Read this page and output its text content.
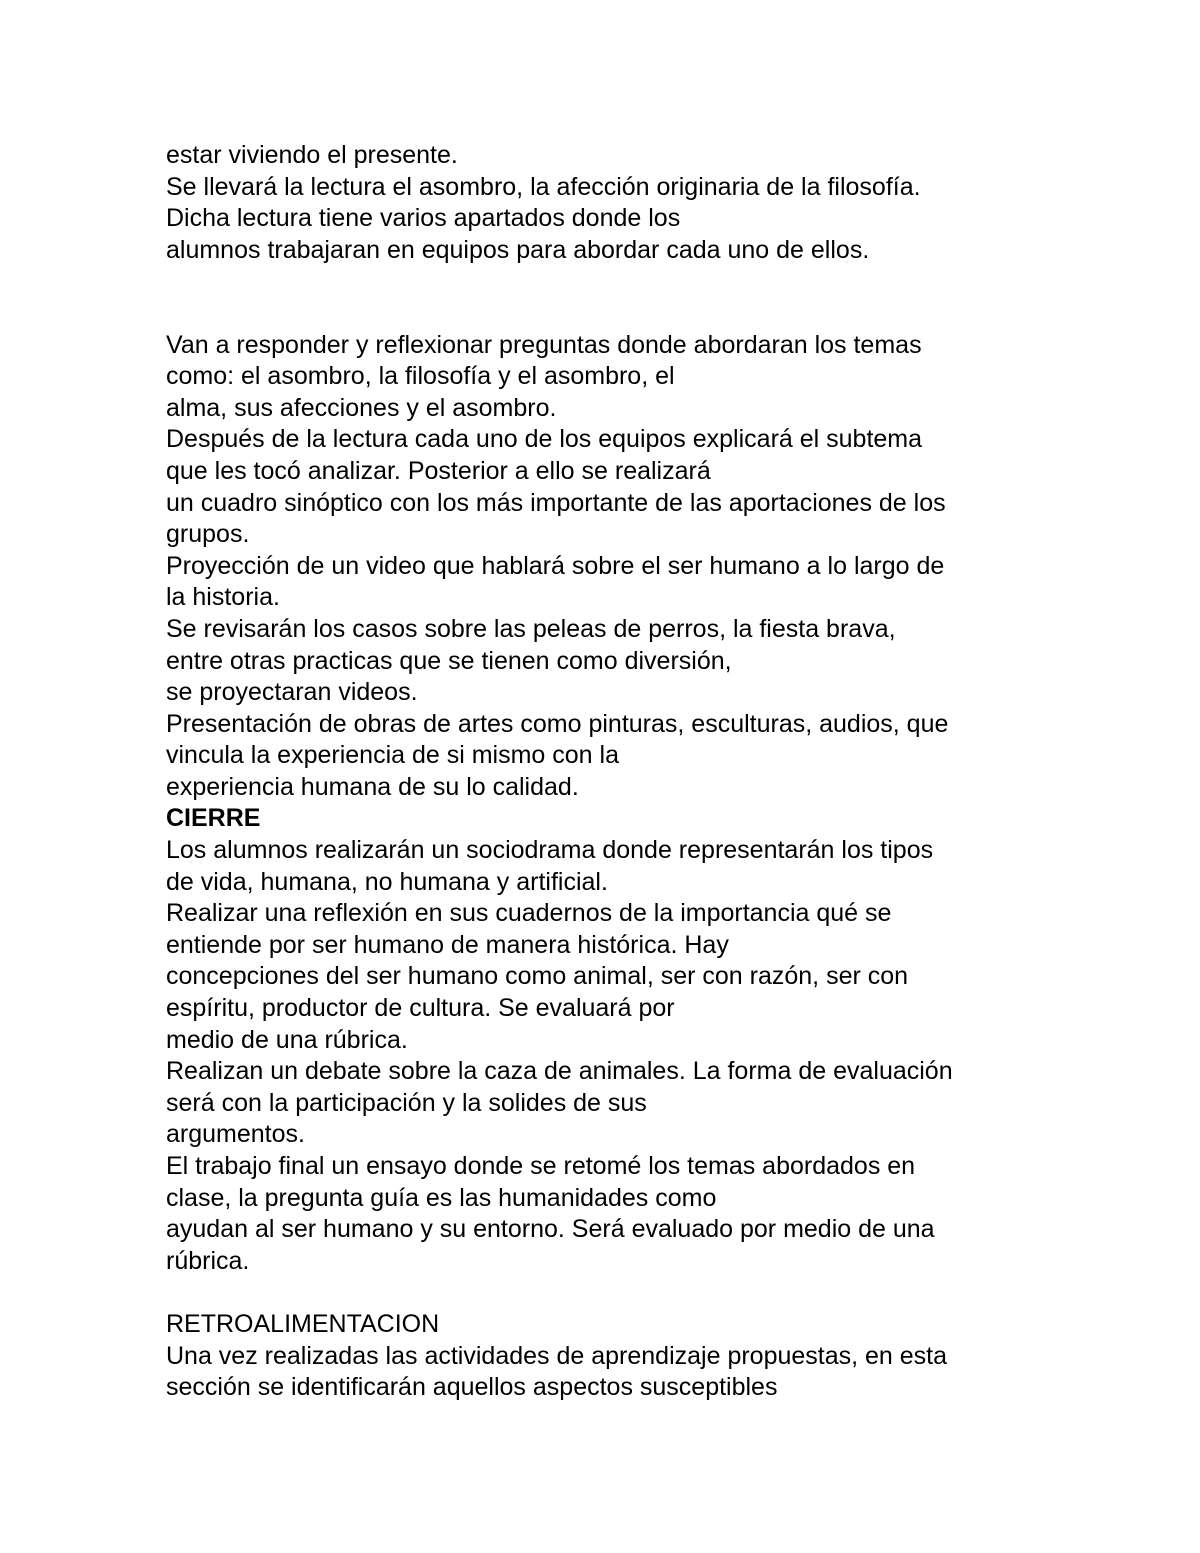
estar viviendo el presente.
Se llevará la lectura el asombro, la afección originaria de la filosofía.
Dicha lectura tiene varios apartados donde los
alumnos trabajaran en equipos para abordar cada uno de ellos.
Van a responder y reflexionar preguntas donde abordaran los temas
como: el asombro, la filosofía y el asombro, el
alma, sus afecciones y el asombro.
Después de la lectura cada uno de los equipos explicará el subtema
que les tocó analizar. Posterior a ello se realizará
un cuadro sinóptico con los más importante de las aportaciones de los
grupos.
Proyección de un video que hablará sobre el ser humano a lo largo de
la historia.
Se revisarán los casos sobre las peleas de perros, la fiesta brava,
entre otras practicas que se tienen como diversión,
se proyectaran videos.
Presentación de obras de artes como pinturas, esculturas, audios, que
vincula la experiencia de si mismo con la
experiencia humana de su lo calidad.
CIERRE
Los alumnos realizarán un sociodrama donde representarán los tipos
de vida, humana, no humana y artificial.
Realizar una reflexión en sus cuadernos de la importancia qué se
entiende por ser humano de manera histórica. Hay
concepciones del ser humano como animal, ser con razón, ser con
espíritu, productor de cultura. Se evaluará por
medio de una rúbrica.
Realizan un debate sobre la caza de animales. La forma de evaluación
será con la participación y la solides de sus
argumentos.
El trabajo final un ensayo donde se retomé los temas abordados en
clase, la pregunta guía es las humanidades como
ayudan al ser humano y su entorno. Será evaluado por medio de una
rúbrica.
RETROALIMENTACION
Una vez realizadas las actividades de aprendizaje propuestas, en esta
sección se identificarán aquellos aspectos susceptibles
